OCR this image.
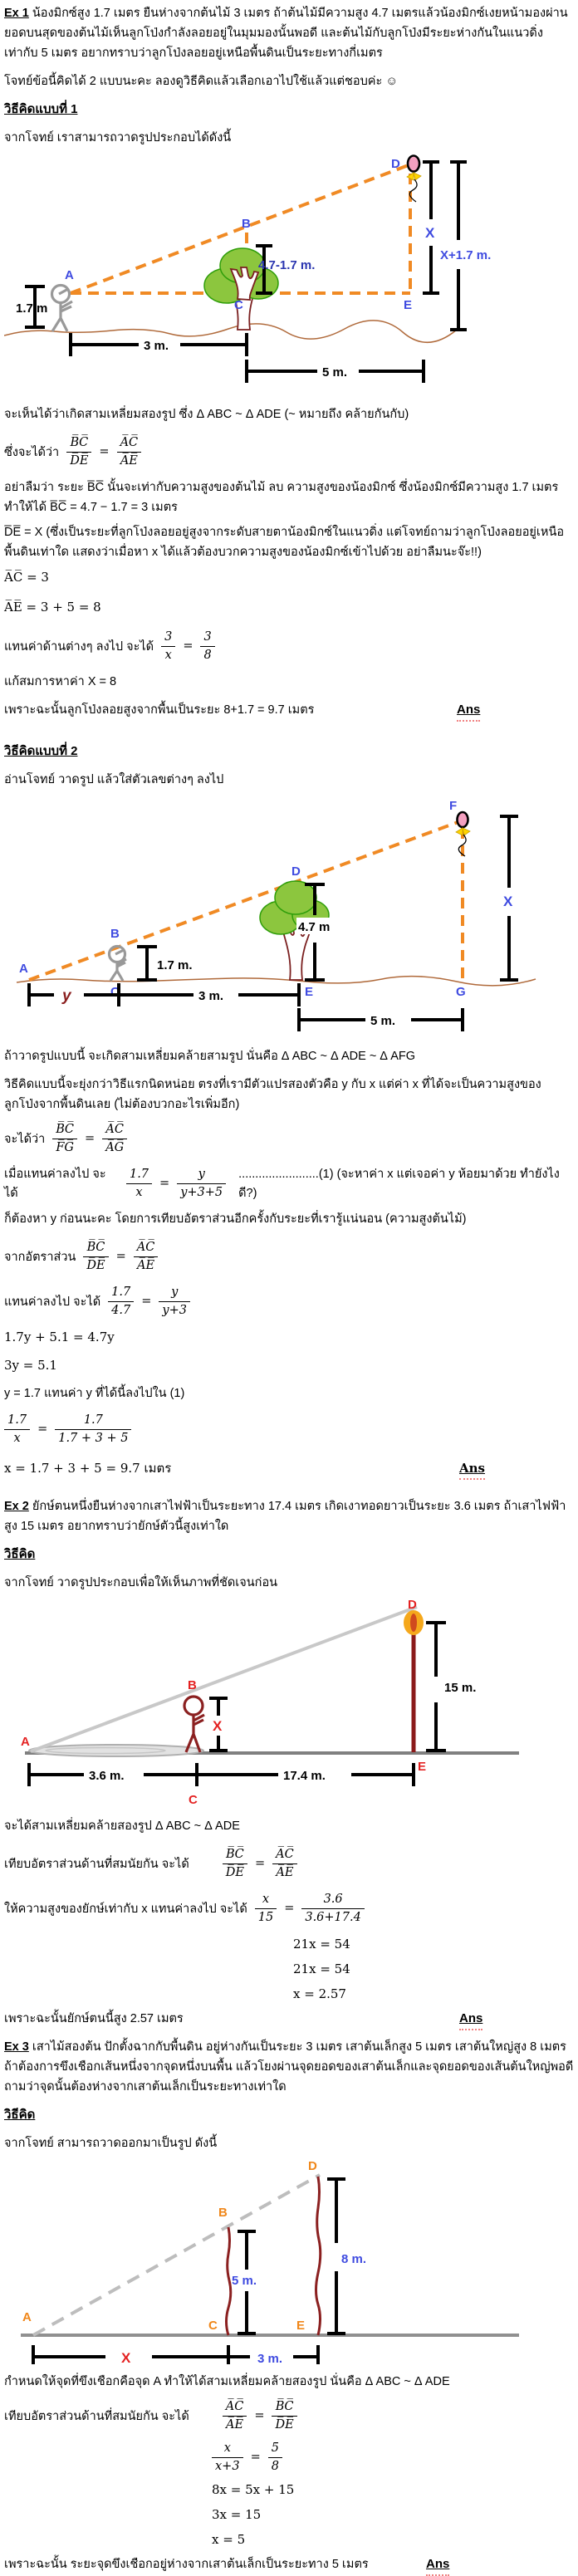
Ex 1 น้องมิกซ์สูง 1.7 เมตร ยืนห่างจากต้นไม้ 3 เมตร ถ้าต้นไม้มีความสูง 4.7 เมตรแล้วน้องมิกซ์เงยหน้ามองผ่านยอดบนสุดของต้นไม้เห็นลูกโป่งกำลังลอยอยู่ในมุมมองนั้นพอดี และต้นไม้กับลูกโป่งมีระยะห่างกันในแนวดิ่งเท่ากับ 5 เมตร อยากทราบว่าลูกโป่งลอยอยู่เหนือพื้นดินเป็นระยะทางกี่เมตร

โจทย์ข้อนี้คิดได้ 2 แบบนะคะ ลองดูวิธีคิดแล้วเลือกเอาไปใช้แล้วแต่ชอบค่ะ ☺

วิธีคิดแบบที่ 1

จากโจทย์ เราสามารถวาดรูปประกอบได้ดังนี้

1.7 m
A
B
C
4.7-1.7 m.
D
E
X
X+1.7 m.
3 m.
5 m.

จะเห็นได้ว่าเกิดสามเหลี่ยมสองรูป ซึ่ง Δ ABC ~ Δ ADE (~ หมายถึง คล้ายกันกับ)

ซึ่งจะได้ว่า $\frac{B̅C̅}{D̅E̅} = \frac{A̅C̅}{A̅E̅}$

อย่าลืมว่า ระยะ B̅C̅ นั้นจะเท่ากับความสูงของต้นไม้ ลบ ความสูงของน้องมิกซ์ ซึ่งน้องมิกซ์มีความสูง 1.7 เมตร ทำให้ได้ B̅C̅ = 4.7 − 1.7 = 3 เมตร

D̅E̅ = X (ซึ่งเป็นระยะที่ลูกโป่งลอยอยู่สูงจากระดับสายตาน้องมิกซ์ในแนวดิ่ง แต่โจทย์ถามว่าลูกโป่งลอยอยู่เหนือพื้นดินเท่าใด แสดงว่าเมื่อหา x ได้แล้วต้องบวกความสูงของน้องมิกซ์เข้าไปด้วย อย่าลืมนะจ๊ะ!!)

A̅C̅ = 3

A̅E̅ = 3 + 5 = 8

แทนค่าด้านต่างๆ ลงไป จะได้ $\frac{3}{x} = \frac{3}{8}$

แก้สมการหาค่า X = 8

เพราะฉะนั้นลูกโป่งลอยสูงจากพื้นเป็นระยะ 8+1.7 = 9.7 เมตร	Ans

วิธีคิดแบบที่ 2

อ่านโจทย์ วาดรูป แล้วใส่ตัวเลขต่างๆ ลงไป

A
B
C
1.7 m.
D
E
4.7 m
F
G
X
y	3 m.
5 m.

ถ้าวาดรูปแบบนี้ จะเกิดสามเหลี่ยมคล้ายสามรูป นั่นคือ Δ ABC ~ Δ ADE ~ Δ AFG

วิธีคิดแบบนี้จะยุ่งกว่าวิธีแรกนิดหน่อย ตรงที่เรามีตัวแปรสองตัวคือ y กับ x แต่ค่า x ที่ได้จะเป็นความสูงของลูกโป่งจากพื้นดินเลย (ไม่ต้องบวกอะไรเพิ่มอีก)

จะได้ว่า $\frac{B̅C̅}{F̅G̅} = \frac{A̅C̅}{A̅G̅}$
เมื่อแทนค่าลงไป จะได้	$\frac{1.7}{x} = \frac{y}{y+3+5} ........................(1)$ (จะหาค่า x แต่เจอค่า y ห้อยมาด้วย ทำยังไงดี?)

ก็ต้องหา y ก่อนนะคะ โดยการเทียบอัตราส่วนอีกครั้งกับระยะที่เรารู้แน่นอน (ความสูงต้นไม้)

จากอัตราส่วน $\frac{B̅C̅}{D̅E̅} = \frac{A̅C̅}{A̅E̅}$
แทนค่าลงไป จะได้ $\frac{1.7}{4.7} = \frac{y}{y+3}$

1.7y + 5.1 = 4.7y

3y = 5.1

y = 1.7 แทนค่า y ที่ได้นี้ลงไปใน (1)

$\frac{1.7}{x} = \frac{1.7}{1.7 + 3 + 5}$

x = 1.7 + 3 + 5 = 9.7 เมตร	Ans

Ex 2 ยักษ์ตนหนึ่งยืนห่างจากเสาไฟฟ้าเป็นระยะทาง 17.4 เมตร เกิดเงาทอดยาวเป็นระยะ 3.6 เมตร ถ้าเสาไฟฟ้าสูง 15 เมตร อยากทราบว่ายักษ์ตัวนี้สูงเท่าใด

วิธีคิด

จากโจทย์ วาดรูปประกอบเพื่อให้เห็นภาพที่ชัดเจนก่อน

A
B
X
D
E
15 m.
3.6 m.	17.4 m.
C

จะได้สามเหลี่ยมคล้ายสองรูป Δ ABC ~ Δ ADE

เทียบอัตราส่วนด้านที่สมนัยกัน จะได้	$\frac{B̅C̅}{D̅E̅} = \frac{A̅C̅}{A̅E̅}$
ให้ความสูงของยักษ์เท่ากับ x แทนค่าลงไป จะได้ $\frac{x}{15} = \frac{3.6}{3.6+17.4}$

21x = 54

21x = 54

x = 2.57

เพราะฉะนั้นยักษ์ตนนี้สูง 2.57 เมตร	Ans

Ex 3 เสาไม้สองต้น ปักตั้งฉากกับพื้นดิน อยู่ห่างกันเป็นระยะ 3 เมตร เสาต้นเล็กสูง 5 เมตร เสาต้นใหญ่สูง 8 เมตร ถ้าต้องการขึงเชือกเส้นหนึ่งจากจุดหนึ่งบนพื้น แล้วโยงผ่านจุดยอดของเสาต้นเล็กและจุดยอดของเส้นต้นใหญ่พอดี ถามว่าจุดนั้นต้องห่างจากเสาต้นเล็กเป็นระยะทางเท่าใด

วิธีคิด

จากโจทย์ สามารถวาดออกมาเป็นรูป ดังนี้

A
B
C
5 m.
D
E
8 m.
X	3 m.

กำหนดให้จุดที่ขึงเชือกคือจุด A ทำให้ได้สามเหลี่ยมคล้ายสองรูป นั่นคือ Δ ABC ~ Δ ADE

เทียบอัตราส่วนด้านที่สมนัยกัน จะได้	$\frac{A̅C̅}{A̅E̅} = \frac{B̅C̅}{D̅E̅}$
$\frac{x}{x+3} = \frac{5}{8}$

8x = 5x + 15

3x = 15

x = 5

เพราะฉะนั้น ระยะจุดขึงเชือกอยู่ห่างจากเสาต้นเล็กเป็นระยะทาง 5 เมตร	Ans
